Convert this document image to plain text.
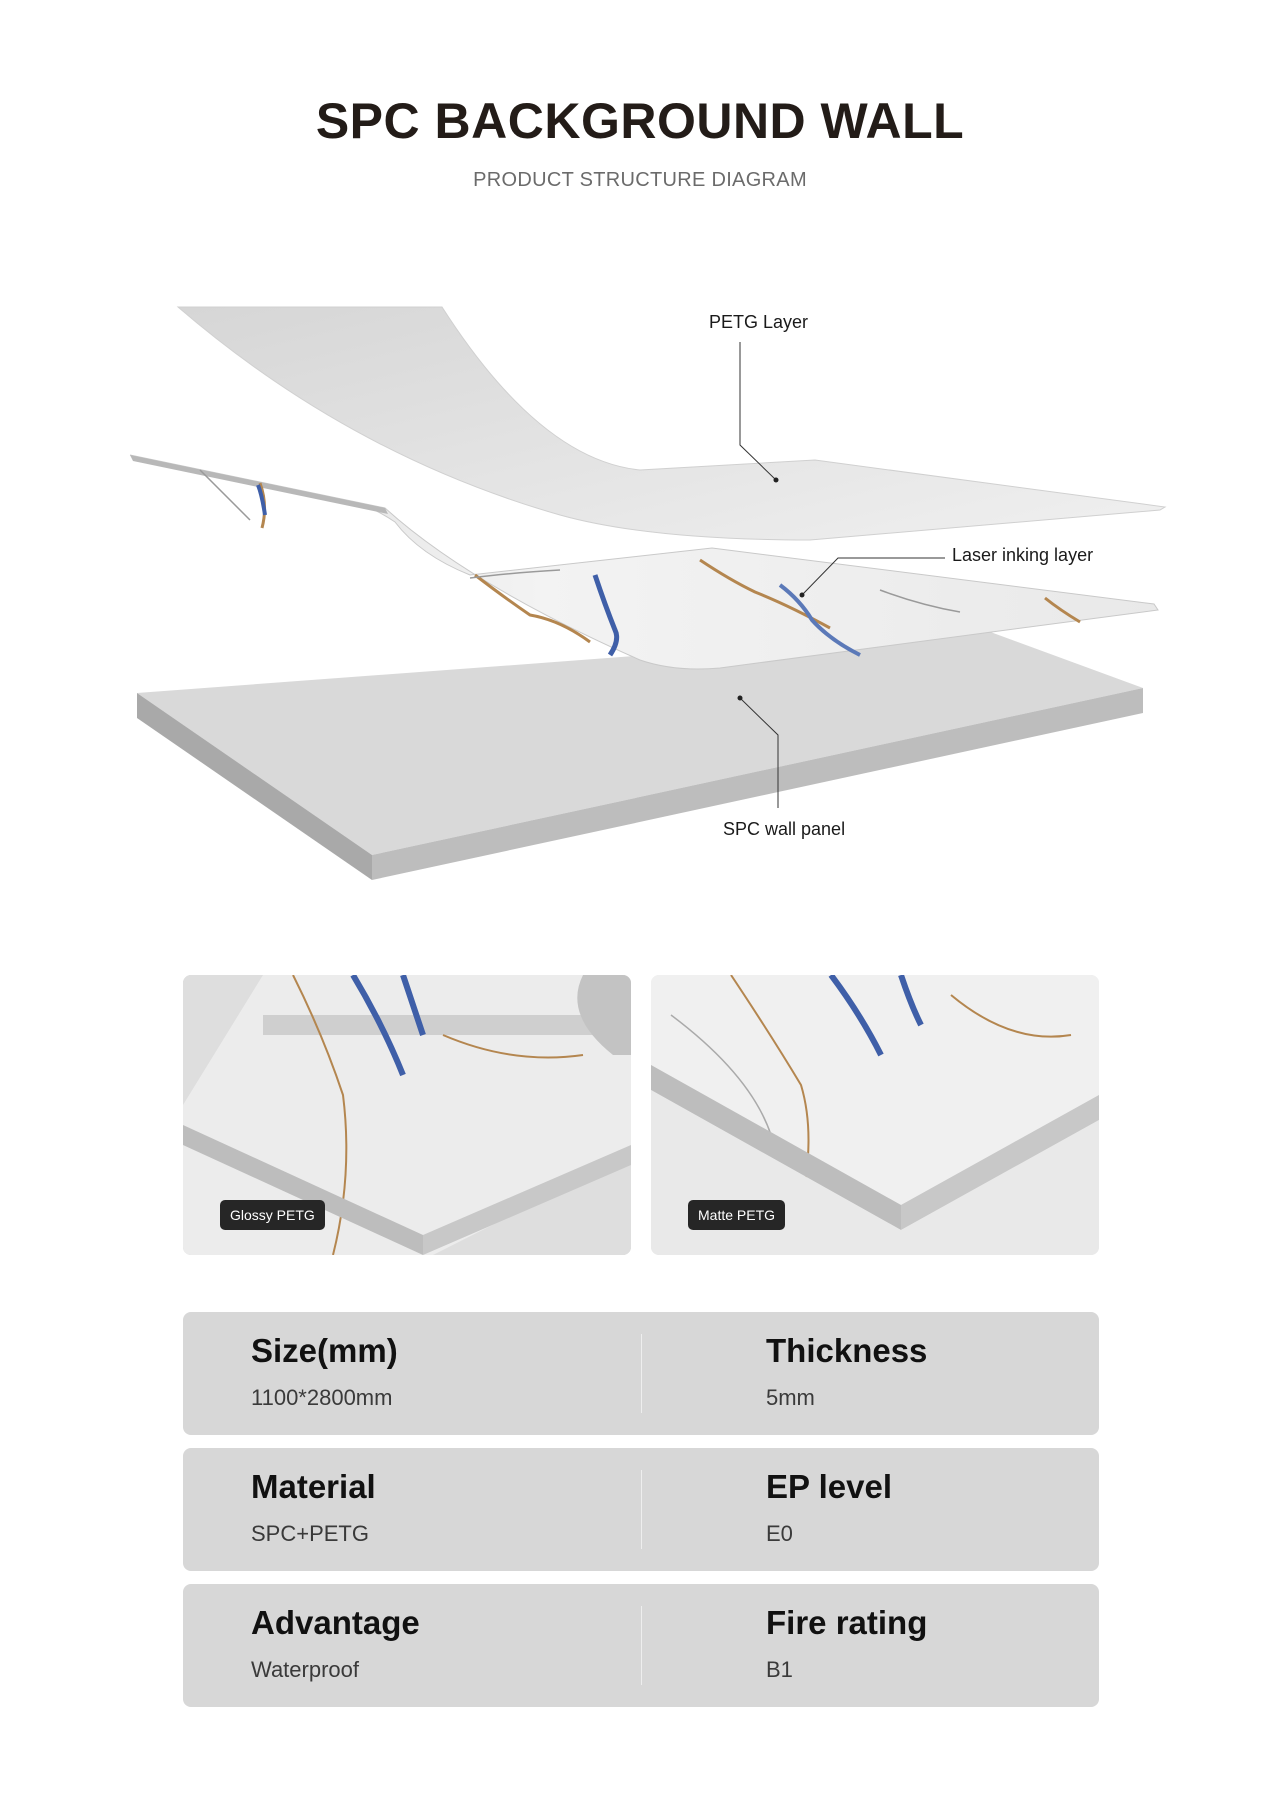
SPC BACKGROUND WALL
PRODUCT STRUCTURE DIAGRAM
PETG Layer
Laser inking layer
SPC wall panel
Glossy PETG	Matte PETG
Size(mm)
1100*2800mm
Thickness
5mm
Material
SPC+PETG
EP level
E0
Advantage
Waterproof
Fire rating
B1
